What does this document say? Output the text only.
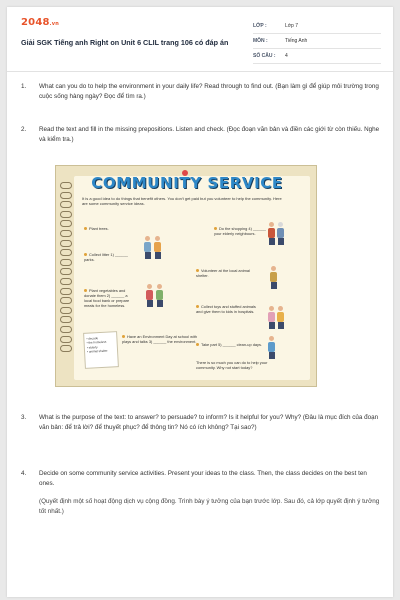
2048.vn
Giải SGK Tiếng anh Right on Unit 6 CLIL trang 106 có đáp án
LỚP :	Lớp 7
MÔN :	Tiếng Anh
SỐ CÂU :	4
1.	What can you do to help the environment in your daily life? Read through to find out. (Bạn làm gì để giúp môi trường trong cuộc sống hàng ngày? Đọc để tìm ra.)
2.	Read the text and fill in the missing prepositions. Listen and check. (Đọc đoạn văn bản và điền các giới từ còn thiếu. Nghe và kiểm tra.)
COMMUNITY SERVICE
It is a good idea to do things that benefit others. You don't get paid but you volunteer to help the community. Here are some community service ideas.
Plant trees.
Collect litter 1) ______ parks.
Plant vegetables and donate them 2) ______ a local food bank or prepare meals for the homeless.
Have an Environment Day at school with plays and talks 3) ______ the environment.
Do the shopping 4) ______ your elderly neighbours.
Volunteer at the local animal shelter.
Collect toys and stuffed animals and give them to kids in hospitals.
Take part 5) ______ clean-up days.
There is so much you can do to help your community. Why not start today?
• decade
• the homeless
• elderly
• animal shelter
3.	What is the purpose of the text: to answer? to persuade? to inform? Is it helpful for you? Why? (Đâu là mục đích của đoạn văn bản: để trả lời? để thuyết phục? để thông tin? Nó có ích không? Tại sao?)
4.	Decide on some community service activities. Present your ideas to the class. Then, the class decides on the best ten ones.
(Quyết định một số hoạt động dịch vụ cộng đồng. Trình bày ý tưởng của bạn trước lớp. Sau đó, cả lớp quyết định ý tưởng tốt nhất.)
